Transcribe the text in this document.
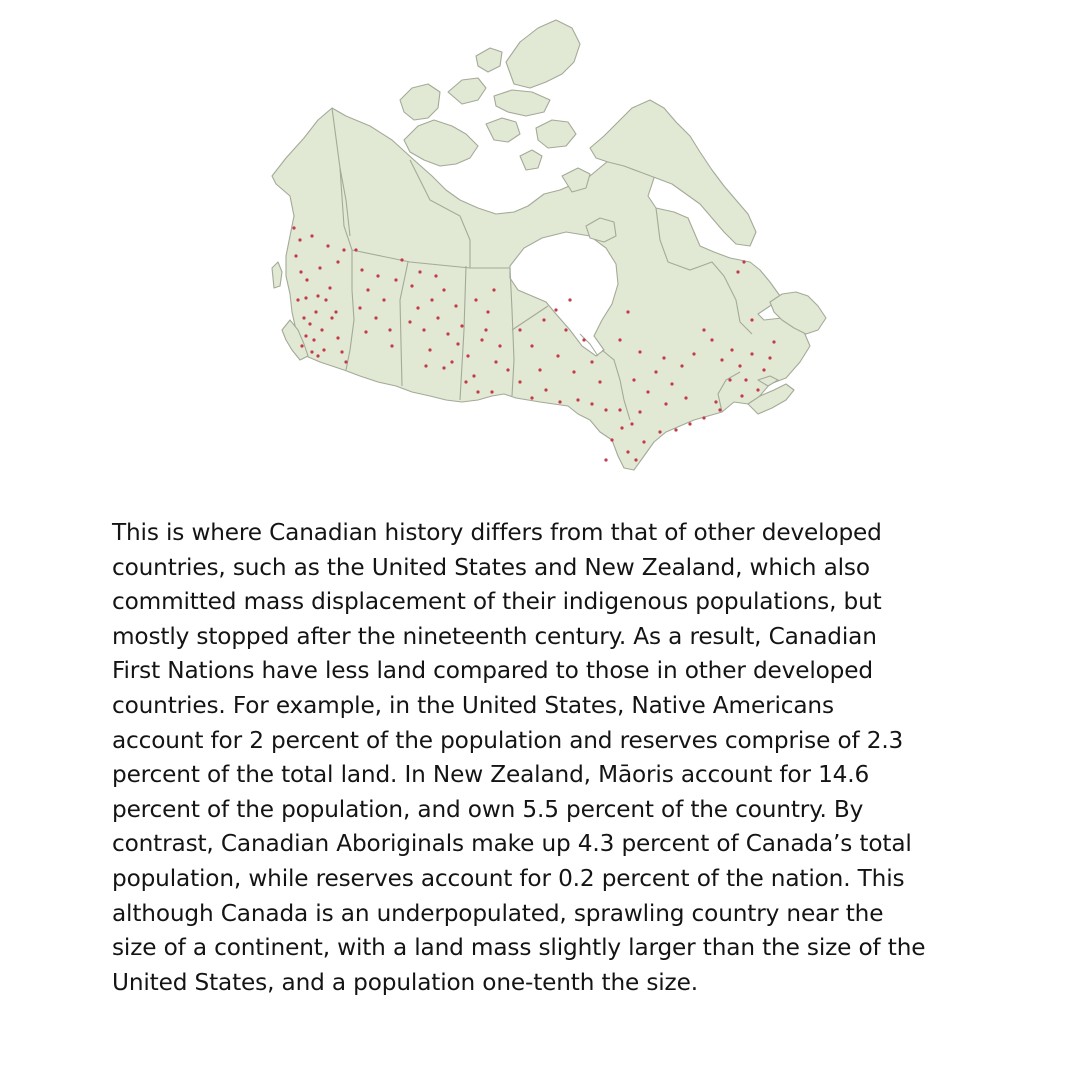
This is where Canadian history differs from that of other developed
countries, such as the United States and New Zealand, which also
committed mass displacement of their indigenous populations, but
mostly stopped after the nineteenth century. As a result, Canadian
First Nations have less land compared to those in other developed
countries. For example, in the United States, Native Americans
account for 2 percent of the population and reserves comprise of 2.3
percent of the total land. In New Zealand, Māoris account for 14.6
percent of the population, and own 5.5 percent of the country. By
contrast, Canadian Aboriginals make up 4.3 percent of Canada’s total
population, while reserves account for 0.2 percent of the nation. This
although Canada is an underpopulated, sprawling country near the
size of a continent, with a land mass slightly larger than the size of the
United States, and a population one-tenth the size.
